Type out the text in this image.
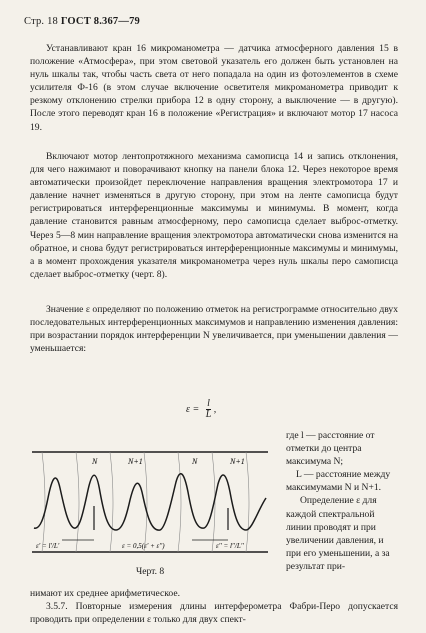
Стр. 18 ГОСТ 8.367—79

Устанавливают кран 16 микроманометра — датчика атмосферного давления 15 в положение «Атмосфера», при этом световой указатель его должен быть установлен на нуль шкалы так, чтобы часть света от него попадала на один из фотоэлементов в схеме усилителя Ф-16 (в этом случае включение осветителя микроманометра приводит к резкому отклонению стрелки прибора 12 в одну сторону, а выключение — в другую). После этого переводят кран 16 в положение «Регистрация» и включают мотор 17 насоса 19.

Включают мотор лентопротяжного механизма самописца 14 и запись отклонения, для чего нажимают и поворачивают кнопку на панели блока 12. Через некоторое время автоматически произойдет переключение направления вращения электромотора 17 и давление начнет изменяться в другую сторону, при этом на ленте самописца будут регистрироваться интерференционные максимумы и минимумы. В момент, когда давление становится равным атмосферному, перо самописца сделает выброс-отметку. Через 5—8 мин направление вращения электромотора автоматически снова изменится на обратное, и снова будут регистрироваться интерференционные максимумы и минимумы, а в момент прохождения указателя микроманометра через нуль шкалы перо самописца сделает выброс-отметку (черт. 8).

Значение ε определяют по положению отметок на регистрограмме относительно двух последовательных интерференционных максимумов и направлению изменения давления: при возрастании порядок интерференции N увеличивается, при уменьшении давления — уменьшается:

$\varepsilon = \frac{l}{L}$ ,

где l — расстояние от отметки до центра максимума N;

L — расстояние между максимумами N и N+1.

Определение ε для каждой спектральной линии проводят и при увеличении давления, и при его уменьшении, а за результат при-

N	N+1	N	N+1
ε' = l'/L'	ε = 0,5(ε' + ε'')	ε'' = l''/L''
Черт. 8

нимают их среднее арифметическое.

3.5.7. Повторные измерения длины интерферометра Фабри-Перо допускается проводить при определении ε только для двух спект-
